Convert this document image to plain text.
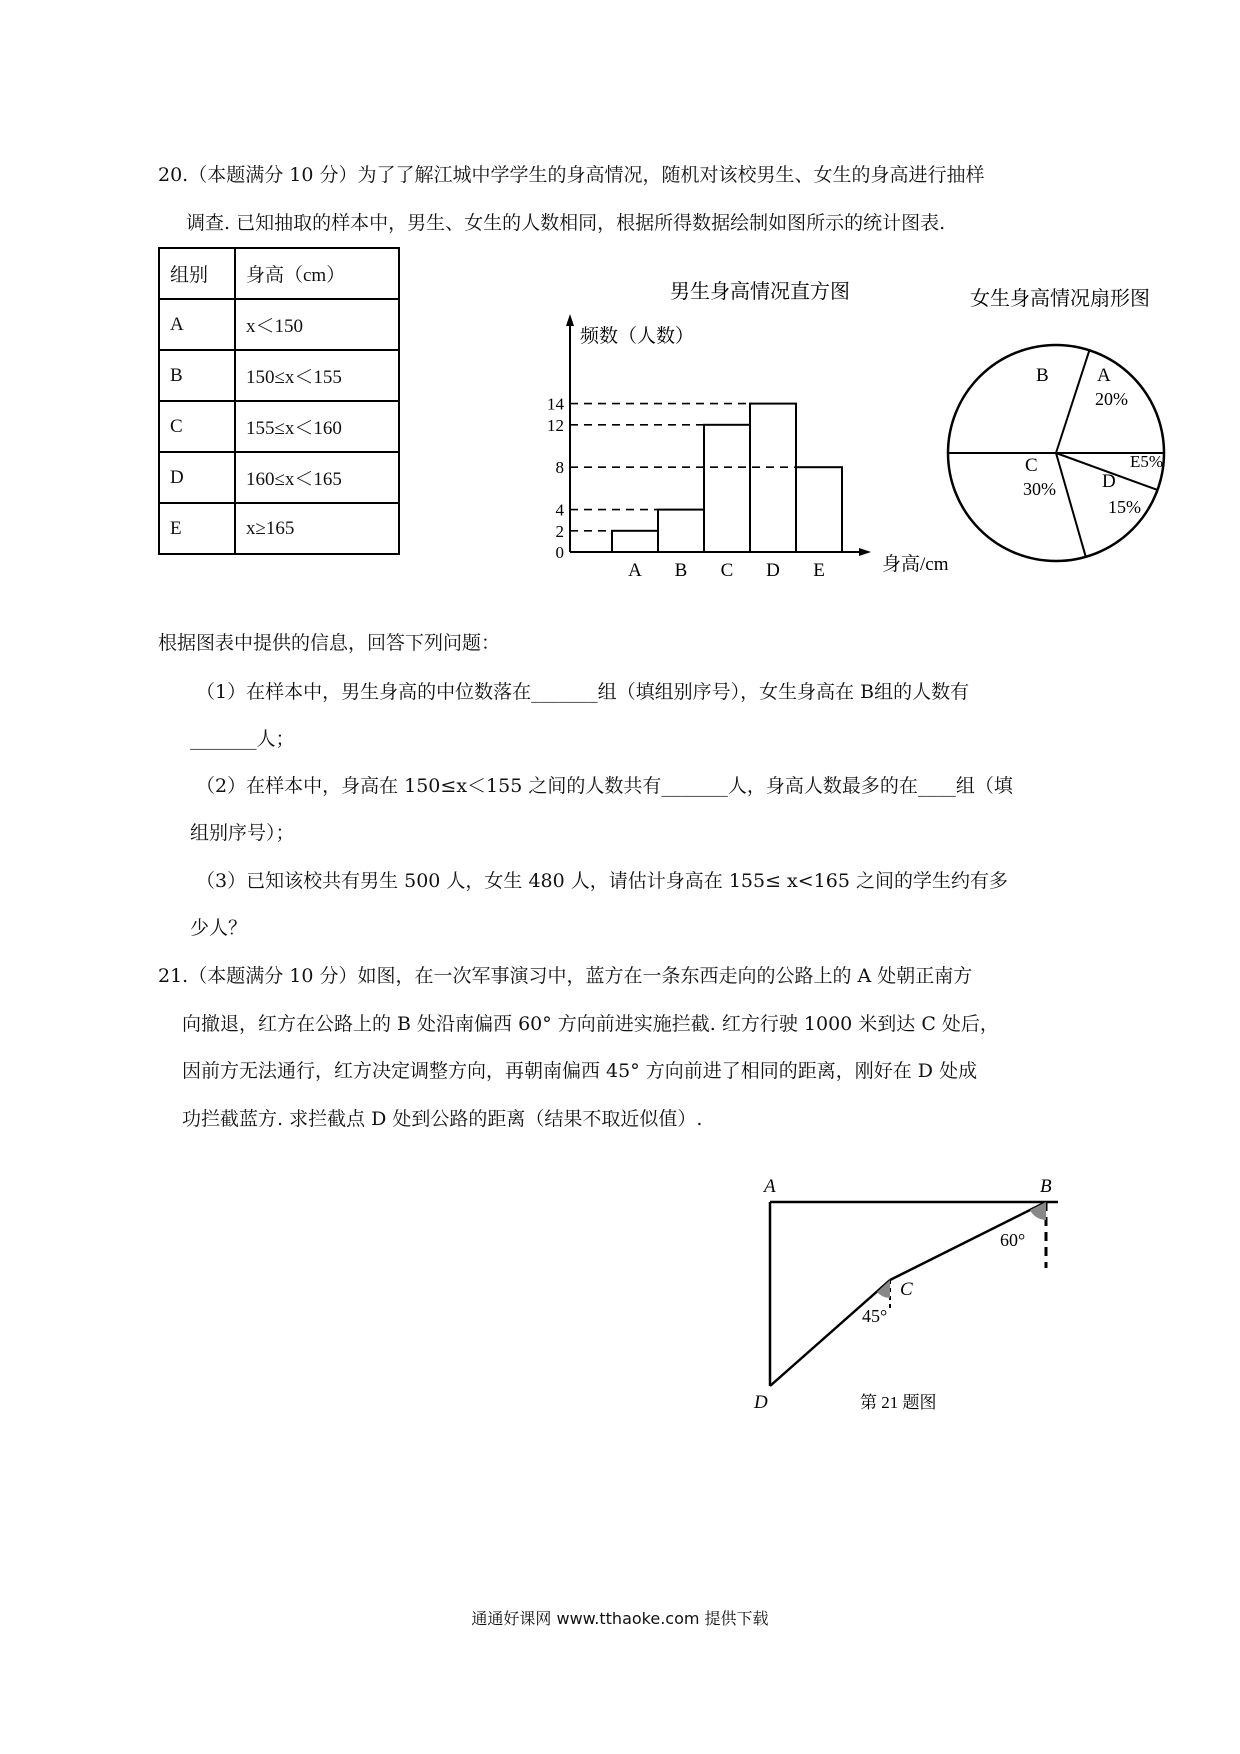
20.（本题满分 10 分）为了了解江城中学学生的身高情况，随机对该校男生、女生的身高进行抽样
调查. 已知抽取的样本中，男生、女生的人数相同，根据所得数据绘制如图所示的统计图表.
组别	身高（cm）
A	x＜150
B	150≤x＜155
C	155≤x＜160
D	160≤x＜165
E	x≥165
男生身高情况直方图
频数（人数）
身高/cm
0
2
4
8
12
14
A B C D E
女生身高情况扇形图
A
20%
B
C
30% D
15%
E5%
根据图表中提供的信息，回答下列问题：
（1）在样本中，男生身高的中位数落在_______组（填组别序号），女生身高在 B组的人数有
_______人；
（2）在样本中，身高在 150≤x＜155 之间的人数共有_______人，身高人数最多的在____组（填
组别序号）；
（3）已知该校共有男生 500 人，女生 480 人，请估计身高在 155≤ x<165 之间的学生约有多
少人？
21.（本题满分 10 分）如图，在一次军事演习中，蓝方在一条东西走向的公路上的 A 处朝正南方
向撤退，红方在公路上的 B 处沿南偏西 60° 方向前进实施拦截. 红方行驶 1000 米到达 C 处后，
因前方无法通行，红方决定调整方向，再朝南偏西 45° 方向前进了相同的距离，刚好在 D 处成
功拦截蓝方. 求拦截点 D 处到公路的距离（结果不取近似值）.
A	B
C
D
60°
45°
第 21 题图
通通好课网 www.tthaoke.com 提供下载
